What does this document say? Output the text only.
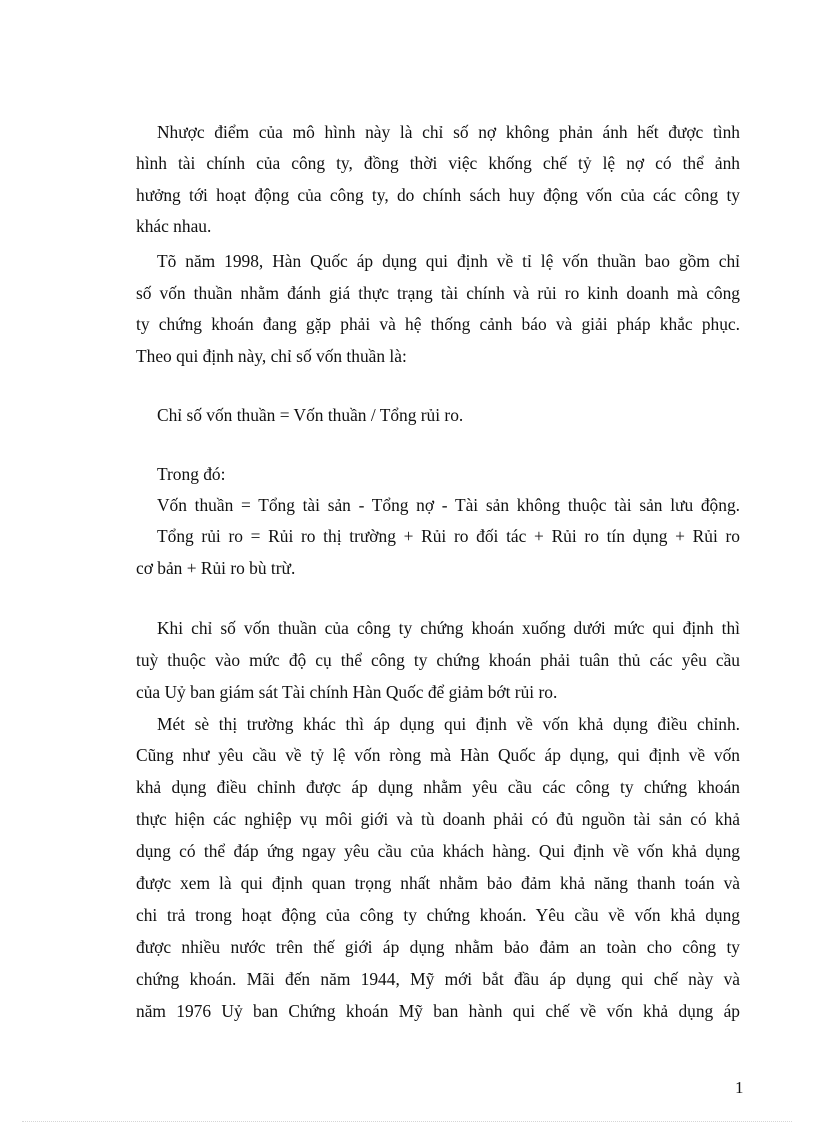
Nhược điểm của mô hình này là chỉ số nợ không phản ánh hết được tình
hình tài chính của công ty, đồng thời việc khống chế tỷ lệ nợ có thể ảnh
hưởng tới hoạt động của công ty, do chính sách huy động vốn của các công ty
khác nhau.
Tõ năm 1998, Hàn Quốc áp dụng qui định về tỉ lệ vốn thuần bao gồm chỉ
số vốn thuần nhằm đánh giá thực trạng tài chính và rủi ro kinh doanh mà công
ty chứng khoán đang gặp phải và hệ thống cảnh báo và giải pháp khắc phục.
Theo qui định này, chỉ số vốn thuần là:
Chỉ số vốn thuần = Vốn thuần / Tổng rủi ro.
Trong đó:
Vốn thuần = Tổng tài sản - Tổng nợ - Tài sản không thuộc tài sản lưu động.
Tổng rủi ro = Rủi ro thị trường + Rủi ro đối tác + Rủi ro tín dụng + Rủi ro
cơ bản + Rủi ro bù trừ.
Khi chỉ số vốn thuần của công ty chứng khoán xuống dưới mức qui định thì
tuỳ thuộc vào mức độ cụ thể công ty chứng khoán phải tuân thủ các yêu cầu
của Uỷ ban giám sát Tài chính Hàn Quốc để giảm bớt rủi ro.
Mét sè thị trường khác thì áp dụng qui định về vốn khả dụng điều chỉnh.
Cũng như yêu cầu về tỷ lệ vốn ròng mà Hàn Quốc áp dụng, qui định về vốn
khả dụng điều chỉnh được áp dụng nhằm yêu cầu các công ty chứng khoán
thực hiện các nghiệp vụ môi giới và tù doanh phải có đủ nguồn tài sản có khả
dụng có thể đáp ứng ngay yêu cầu của khách hàng. Qui định về vốn khả dụng
được xem là qui định quan trọng nhất nhằm bảo đảm khả năng thanh toán và
chi trả trong hoạt động của công ty chứng khoán. Yêu cầu về vốn khả dụng
được nhiều nước trên thế giới áp dụng nhằm bảo đảm an toàn cho công ty
chứng khoán. Mãi đến năm 1944, Mỹ mới bắt đầu áp dụng qui chế này và
năm 1976 Uỷ ban Chứng khoán Mỹ ban hành qui chế về vốn khả dụng áp
1
